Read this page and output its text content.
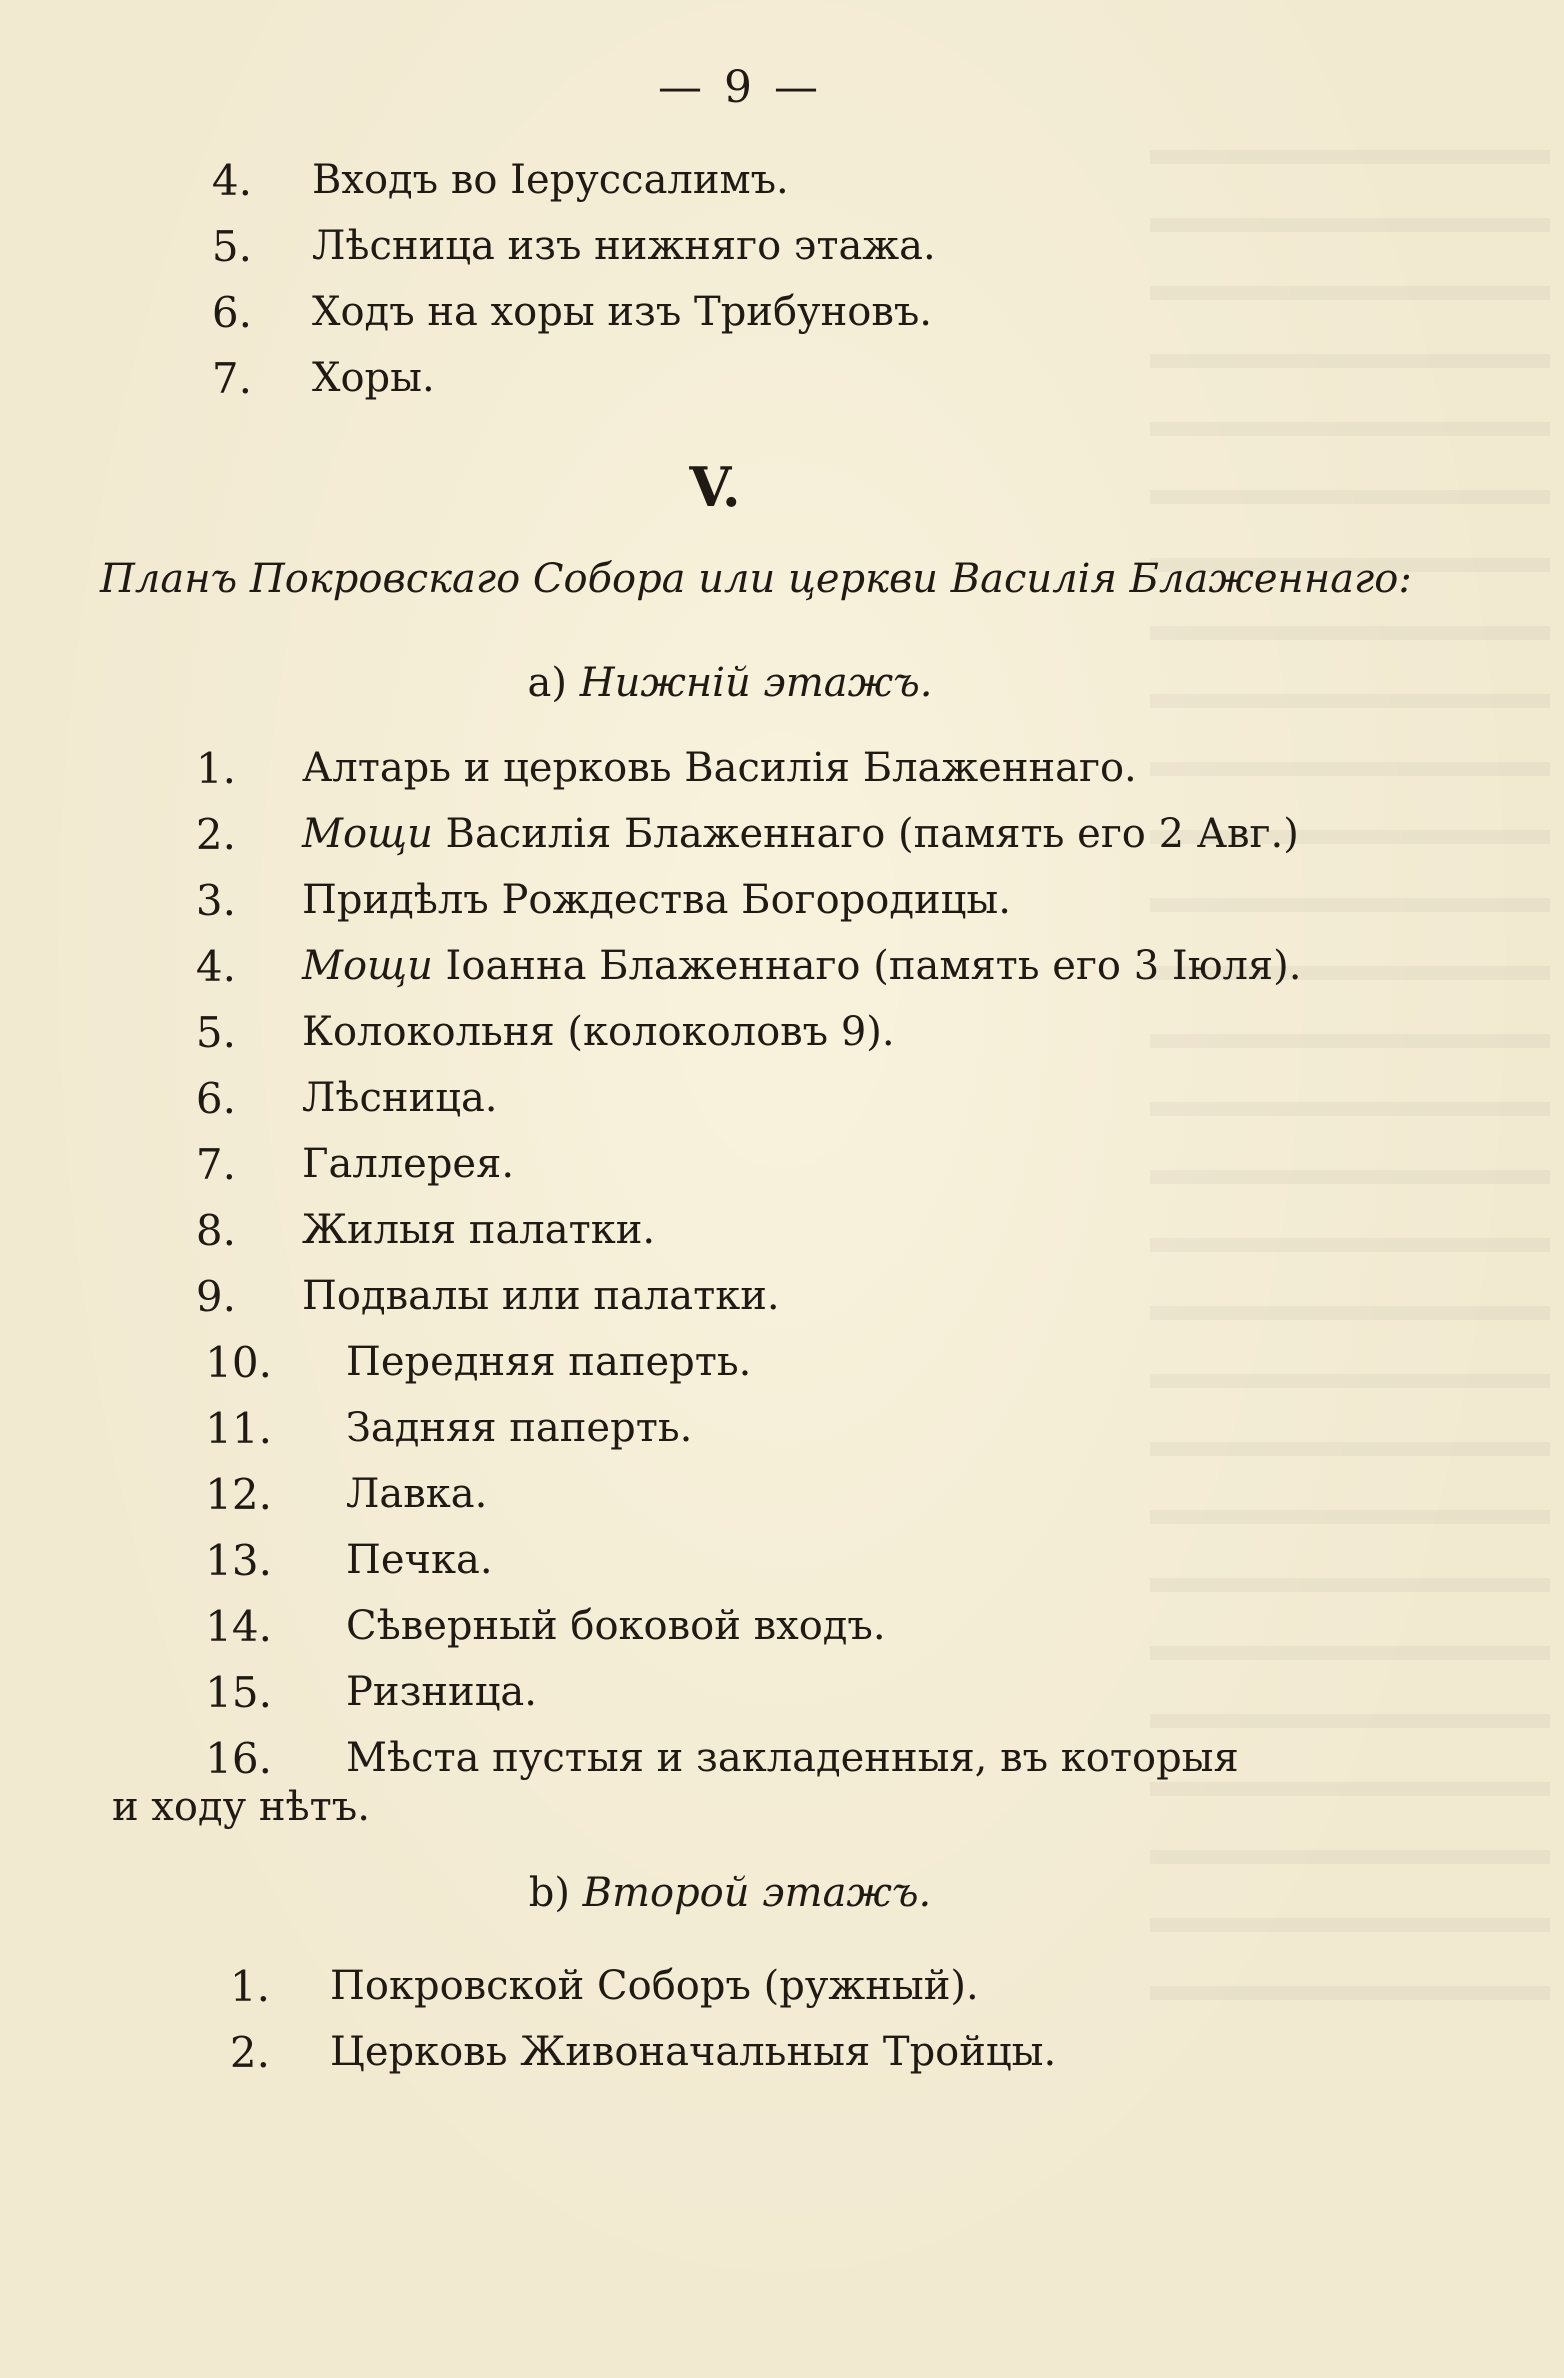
— 9 —
4. Входъ во Іерусcалимъ.
5. Лѣсница изъ нижняго этажа.
6. Ходъ на хоры изъ Трибуновъ.
7. Хоры.
V.
Планъ Покровскаго Собора или церкви Василія Блаженнаго:
а) Нижній этажъ.
1. Алтарь и церковь Василія Блаженнаго.
2. Мощи Василія Блаженнаго (память его 2 Авг.)
3. Придѣлъ Рождества Богородицы.
4. Мощи Іоанна Блаженнаго (память его 3 Іюля).
5. Колокольня (колоколовъ 9).
6. Лѣсница.
7. Галлерея.
8. Жилыя палатки.
9. Подвалы или палатки.
10. Передняя паперть.
11. Задняя паперть.
12. Лавка.
13. Печка.
14. Сѣверный боковой входъ.
15. Ризница.
16. Мѣста пустыя и закладенныя, въ которыя
и ходу нѣтъ.
b) Второй этажъ.
1. Покровской Соборъ (ружный).
2. Церковь Живоначальныя Тройцы.
